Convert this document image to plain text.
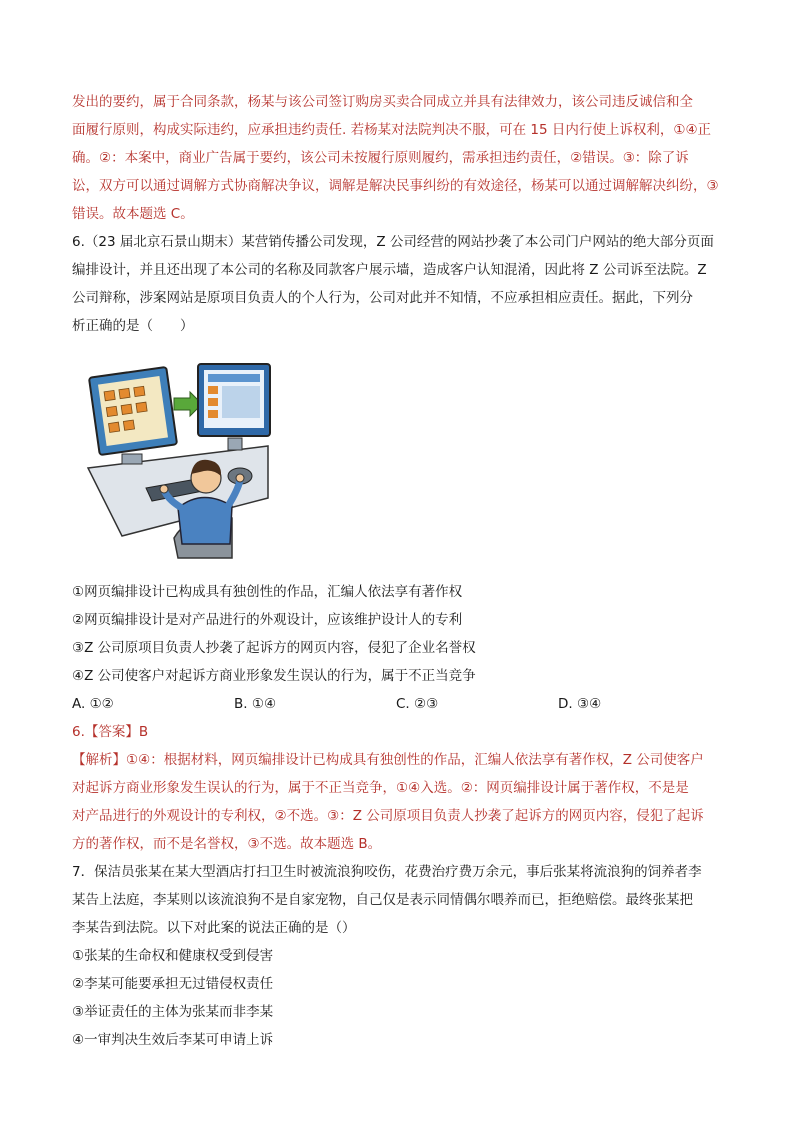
发出的要约，属于合同条款，杨某与该公司签订购房买卖合同成立并具有法律效力，该公司违反诚信和全

面履行原则，构成实际违约，应承担违约责任. 若杨某对法院判决不服，可在 15 日内行使上诉权利，①④正

确。②：本案中，商业广告属于要约，该公司未按履行原则履约，需承担违约责任，②错误。③：除了诉

讼，双方可以通过调解方式协商解决争议，调解是解决民事纠纷的有效途径，杨某可以通过调解解决纠纷，③

错误。故本题选 C。

6.（23 届北京石景山期末）某营销传播公司发现，Z 公司经营的网站抄袭了本公司门户网站的绝大部分页面

编排设计，并且还出现了本公司的名称及同款客户展示墙，造成客户认知混淆，因此将 Z 公司诉至法院。Z

公司辩称，涉案网站是原项目负责人的个人行为，公司对此并不知情，不应承担相应责任。据此，下列分

析正确的是（　　）

①网页编排设计已构成具有独创性的作品，汇编人依法享有著作权

②网页编排设计是对产品进行的外观设计，应该维护设计人的专利

③Z 公司原项目负责人抄袭了起诉方的网页内容，侵犯了企业名誉权

④Z 公司使客户对起诉方商业形象发生误认的行为，属于不正当竞争

A. ①②	B. ①④	C. ②③	D. ③④

6.【答案】B

【解析】①④：根据材料，网页编排设计已构成具有独创性的作品，汇编人依法享有著作权，Z 公司使客户

对起诉方商业形象发生误认的行为，属于不正当竞争，①④入选。②：网页编排设计属于著作权，不是是

对产品进行的外观设计的专利权，②不选。③：Z 公司原项目负责人抄袭了起诉方的网页内容，侵犯了起诉

方的著作权，而不是名誉权，③不选。故本题选 B。

7．保洁员张某在某大型酒店打扫卫生时被流浪狗咬伤，花费治疗费万余元，事后张某将流浪狗的饲养者李

某告上法庭，李某则以该流浪狗不是自家宠物，自己仅是表示同情偶尔喂养而已，拒绝赔偿。最终张某把

李某告到法院。以下对此案的说法正确的是（）

①张某的生命权和健康权受到侵害

②李某可能要承担无过错侵权责任

③举证责任的主体为张某而非李某

④一审判决生效后李某可申请上诉
